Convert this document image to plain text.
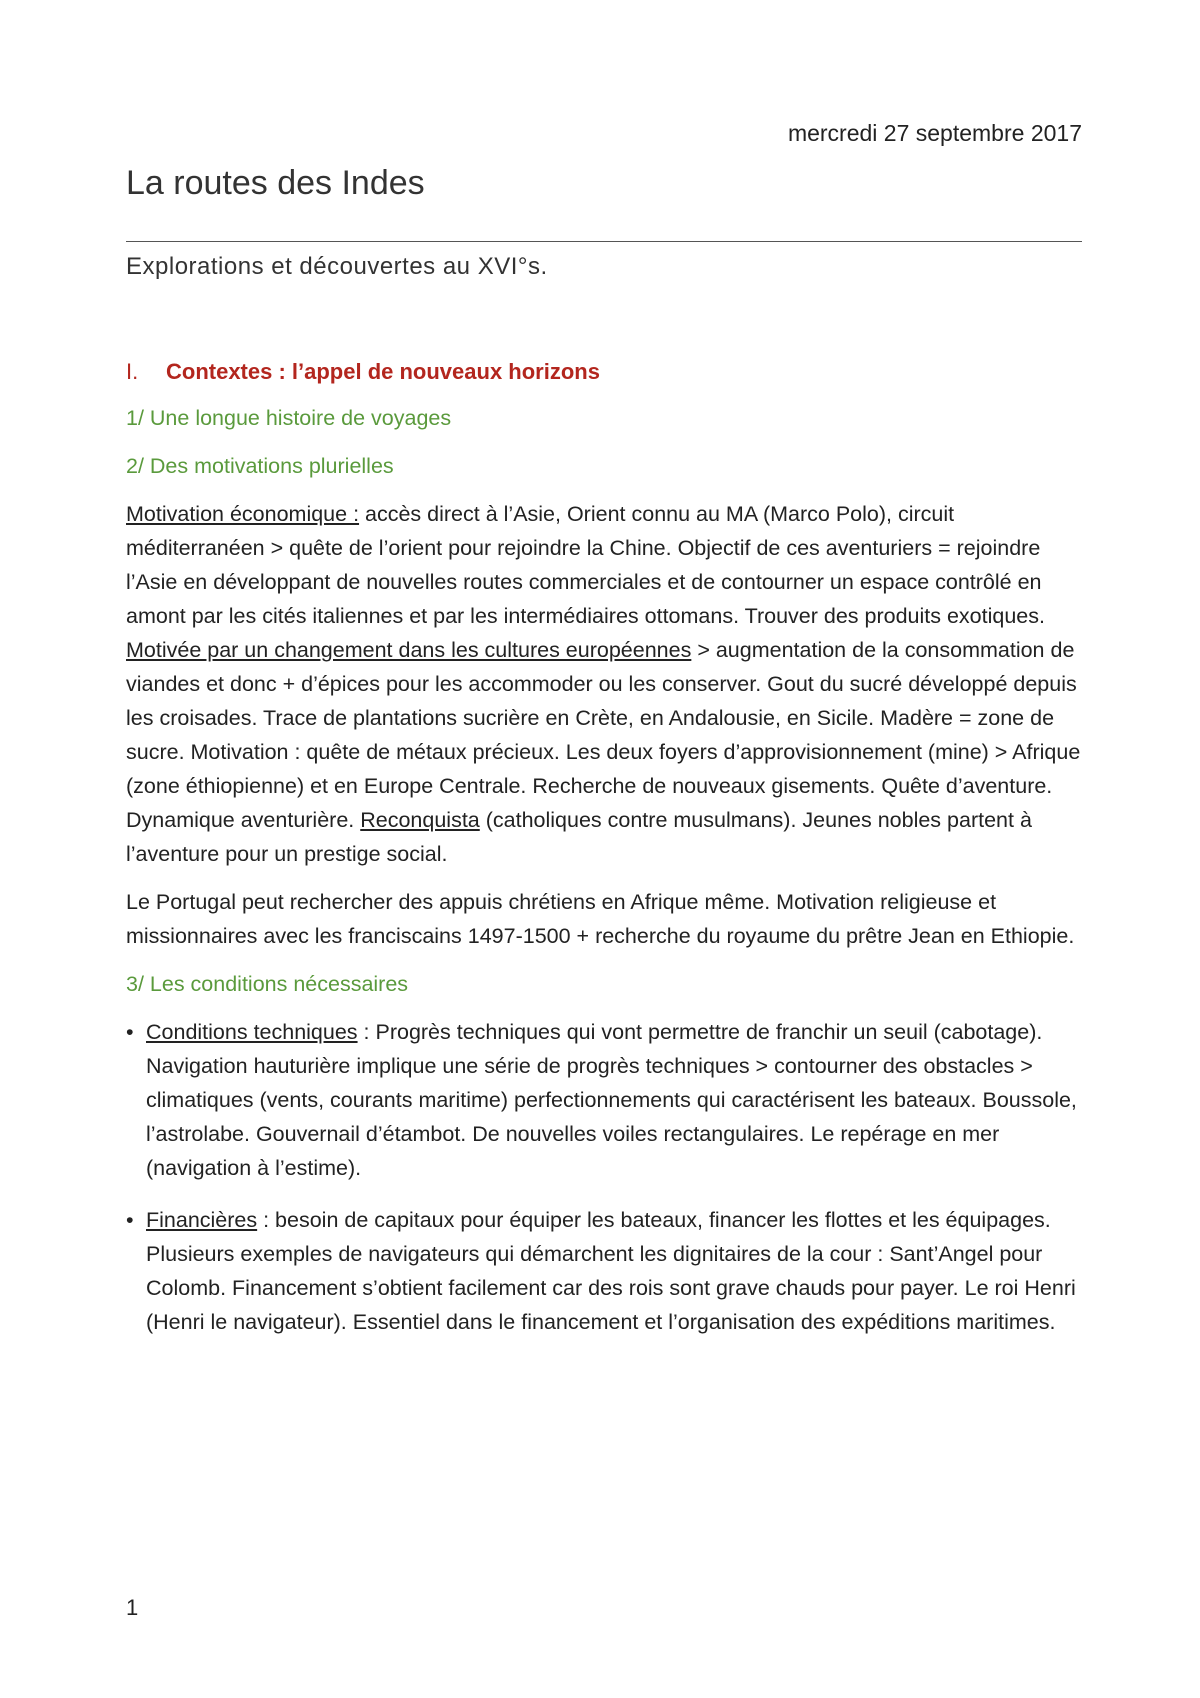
mercredi 27 septembre 2017
La routes des Indes
Explorations et découvertes au XVI°s.
I.	Contextes : l’appel de nouveaux horizons
1/ Une longue histoire de voyages
2/ Des motivations plurielles

Motivation économique : accès direct à l’Asie, Orient connu au MA (Marco Polo), circuit méditerranéen > quête de l’orient pour rejoindre la Chine. Objectif de ces aventuriers = rejoindre l’Asie en développant de nouvelles routes commerciales et de contourner un espace contrôlé en amont par les cités italiennes et par les intermédiaires ottomans. Trouver des produits exotiques. Motivée par un changement dans les cultures européennes > augmentation de la consommation de viandes et donc + d’épices pour les accommoder ou les conserver. Gout du sucré développé depuis les croisades. Trace de plantations sucrière en Crète, en Andalousie, en Sicile. Madère = zone de sucre. Motivation : quête de métaux précieux. Les deux foyers d’approvisionnement (mine) > Afrique (zone éthiopienne) et en Europe Centrale. Recherche de nouveaux gisements. Quête d’aventure. Dynamique aventurière. Reconquista (catholiques contre musulmans). Jeunes nobles partent à l’aventure pour un prestige social.

Le Portugal peut rechercher des appuis chrétiens en Afrique même. Motivation religieuse et missionnaires avec les franciscains 1497-1500 + recherche du royaume du prêtre Jean en Ethiopie.

3/ Les conditions nécessaires
• Conditions techniques : Progrès techniques qui vont permettre de franchir un seuil (cabotage). Navigation hauturière implique une série de progrès techniques > contourner des obstacles > climatiques (vents, courants maritime) perfectionnements qui caractérisent les bateaux. Boussole, l’astrolabe. Gouvernail d’étambot. De nouvelles voiles rectangulaires. Le repérage en mer (navigation à l’estime).
• Financières : besoin de capitaux pour équiper les bateaux, financer les flottes et les équipages. Plusieurs exemples de navigateurs qui démarchent les dignitaires de la cour : Sant’Angel pour Colomb. Financement s’obtient facilement car des rois sont grave chauds pour payer. Le roi Henri (Henri le navigateur). Essentiel dans le financement et l’organisation des expéditions maritimes.
1
